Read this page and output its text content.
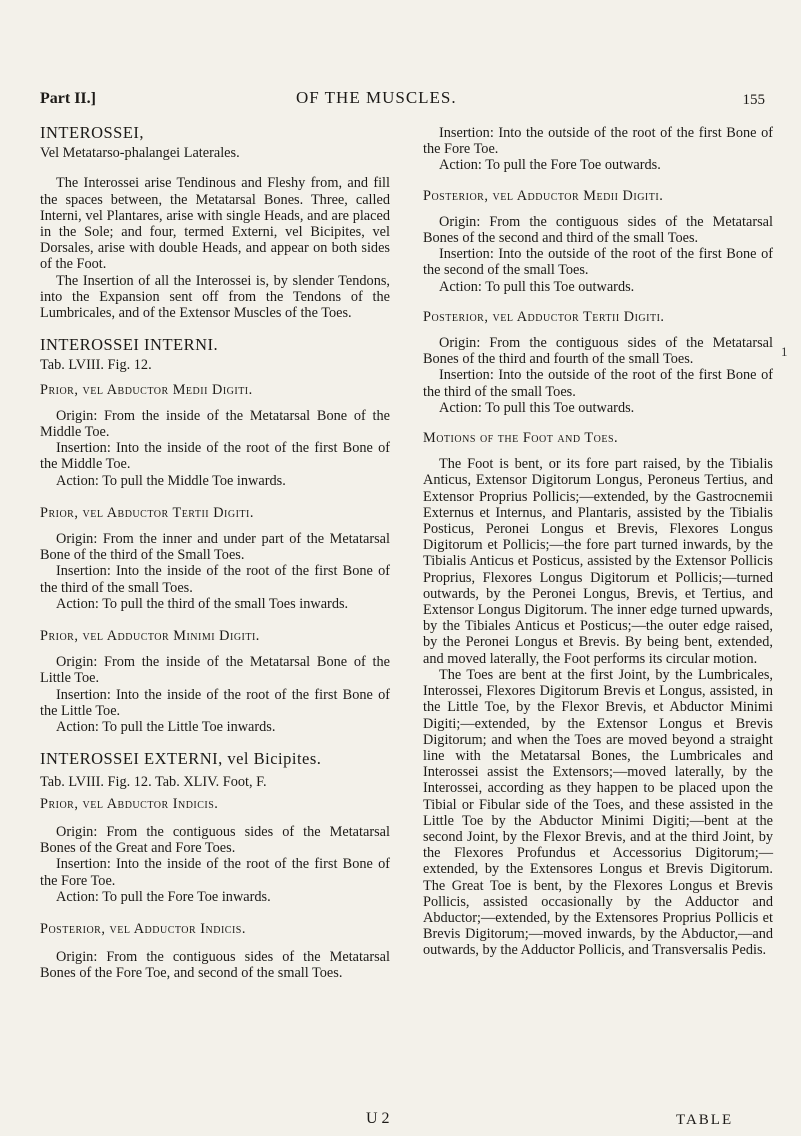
Part II.]	OF THE MUSCLES.	155

INTEROSSEI,

Vel Metatarso-phalangei Laterales.

The Interossei arise Tendinous and Fleshy from, and fill the spaces between, the Metatarsal Bones. Three, called Interni, vel Plantares, arise with single Heads, and are placed in the Sole; and four, termed Externi, vel Bicipites, vel Dorsales, arise with double Heads, and appear on both sides of the Foot.

The Insertion of all the Interossei is, by slender Tendons, into the Expansion sent off from the Tendons of the Lumbricales, and of the Extensor Muscles of the Toes.

INTEROSSEI INTERNI.

Tab. LVIII. Fig. 12.

Prior, vel Abductor Medii Digiti.

Origin: From the inside of the Metatarsal Bone of the Middle Toe.

Insertion: Into the inside of the root of the first Bone of the Middle Toe.

Action: To pull the Middle Toe inwards.

Prior, vel Abductor Tertii Digiti.

Origin: From the inner and under part of the Metatarsal Bone of the third of the Small Toes.

Insertion: Into the inside of the root of the first Bone of the third of the small Toes.

Action: To pull the third of the small Toes inwards.

Prior, vel Adductor Minimi Digiti.

Origin: From the inside of the Metatarsal Bone of the Little Toe.

Insertion: Into the inside of the root of the first Bone of the Little Toe.

Action: To pull the Little Toe inwards.

INTEROSSEI EXTERNI, vel Bicipites.

Tab. LVIII. Fig. 12. Tab. XLIV. Foot, F.

Prior, vel Abductor Indicis.

Origin: From the contiguous sides of the Metatarsal Bones of the Great and Fore Toes.

Insertion: Into the inside of the root of the first Bone of the Fore Toe.

Action: To pull the Fore Toe inwards.

Posterior, vel Adductor Indicis.

Origin: From the contiguous sides of the Metatarsal Bones of the Fore Toe, and second of the small Toes.

Insertion: Into the outside of the root of the first Bone of the Fore Toe.

Action: To pull the Fore Toe outwards.

Posterior, vel Adductor Medii Digiti.

Origin: From the contiguous sides of the Metatarsal Bones of the second and third of the small Toes.

Insertion: Into the outside of the root of the first Bone of the second of the small Toes.

Action: To pull this Toe outwards.

Posterior, vel Adductor Tertii Digiti.

Origin: From the contiguous sides of the Metatarsal Bones of the third and fourth of the small Toes.

Insertion: Into the outside of the root of the first Bone of the third of the small Toes.

Action: To pull this Toe outwards.

Motions of the Foot and Toes.

The Foot is bent, or its fore part raised, by the Tibialis Anticus, Extensor Digitorum Longus, Peroneus Tertius, and Extensor Proprius Pollicis;—extended, by the Gastrocnemii Externus et Internus, and Plantaris, assisted by the Tibialis Posticus, Peronei Longus et Brevis, Flexores Longus Digitorum et Pollicis;—the fore part turned inwards, by the Tibialis Anticus et Posticus, assisted by the Extensor Pollicis Proprius, Flexores Longus Digitorum et Pollicis;—turned outwards, by the Peronei Longus, Brevis, et Tertius, and Extensor Longus Digitorum. The inner edge turned upwards, by the Tibiales Anticus et Posticus;—the outer edge raised, by the Peronei Longus et Brevis. By being bent, extended, and moved laterally, the Foot performs its circular motion.

The Toes are bent at the first Joint, by the Lumbricales, Interossei, Flexores Digitorum Brevis et Longus, assisted, in the Little Toe, by the Flexor Brevis, et Abductor Minimi Digiti;—extended, by the Extensor Longus et Brevis Digitorum; and when the Toes are moved beyond a straight line with the Metatarsal Bones, the Lumbricales and Interossei assist the Extensors;—moved laterally, by the Interossei, according as they happen to be placed upon the Tibial or Fibular side of the Toes, and these assisted in the Little Toe by the Abductor Minimi Digiti;—bent at the second Joint, by the Flexor Brevis, and at the third Joint, by the Flexores Profundus et Accessorius Digitorum;—extended, by the Extensores Longus et Brevis Digitorum. The Great Toe is bent, by the Flexores Longus et Brevis Pollicis, assisted occasionally by the Adductor and Abductor;—extended, by the Extensores Proprius Pollicis et Brevis Digitorum;—moved inwards, by the Abductor,—and outwards, by the Adductor Pollicis, and Transversalis Pedis.

1
U 2	TABLE
